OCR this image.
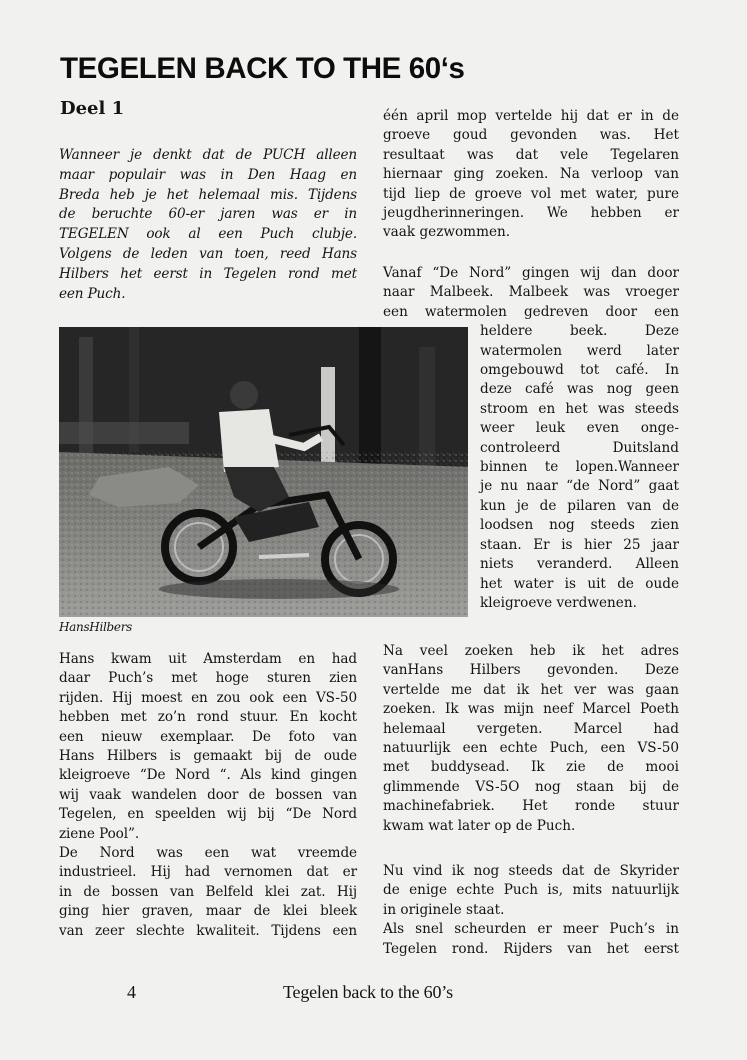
TEGELEN BACK TO THE 60‘s
Deel 1
Wanneer je denkt dat de PUCH alleen
maar populair was in Den Haag en
Breda heb je het helemaal mis. Tijdens
de beruchte 60-er jaren was er in
TEGELEN ook al een Puch clubje.
Volgens de leden van toen, reed Hans
Hilbers het eerst in Tegelen rond met
een Puch.
HansHilbers
Hans kwam uit Amsterdam en had
daar Puch’s met hoge sturen zien
rijden. Hij moest en zou ook een VS-50
hebben met zo’n rond stuur. En kocht
een nieuw exemplaar. De foto van
Hans Hilbers is gemaakt bij de oude
kleigroeve “De Nord “. Als kind gingen
wij vaak wandelen door de bossen van
Tegelen, en speelden wij bij “De Nord
ziene Pool”.
De Nord was een wat vreemde
industrieel. Hij had vernomen dat er
in de bossen van Belfeld klei zat. Hij
ging hier graven, maar de klei bleek
van zeer slechte kwaliteit. Tijdens een
één april mop vertelde hij dat er in de
groeve goud gevonden was. Het
resultaat was dat vele Tegelaren
hiernaar ging zoeken. Na verloop van
tijd liep de groeve vol met water, pure
jeugdherinneringen. We hebben er
vaak gezwommen.
Vanaf “De Nord” gingen wij dan door
naar Malbeek. Malbeek was vroeger
een watermolen gedreven door een
heldere beek. Deze
watermolen werd later
omgebouwd tot café. In
deze café was nog geen
stroom en het was steeds
weer leuk even onge-
controleerd Duitsland
binnen te lopen.Wanneer
je nu naar “de Nord” gaat
kun je de pilaren van de
loodsen nog steeds zien
staan. Er is hier 25 jaar
niets veranderd. Alleen
het water is uit de oude
kleigroeve verdwenen.
Na veel zoeken heb ik het adres
vanHans Hilbers gevonden. Deze
vertelde me dat ik het ver was gaan
zoeken. Ik was mijn neef Marcel Poeth
helemaal vergeten. Marcel had
natuurlijk een echte Puch, een VS-50
met buddysead. Ik zie de mooi
glimmende VS-5O nog staan bij de
machinefabriek. Het ronde stuur
kwam wat later op de Puch.
Nu vind ik nog steeds dat de Skyrider
de enige echte Puch is, mits natuurlijk
in originele staat.
Als snel scheurden er meer Puch’s in
Tegelen rond. Rijders van het eerst
4	Tegelen back to the 60’s
